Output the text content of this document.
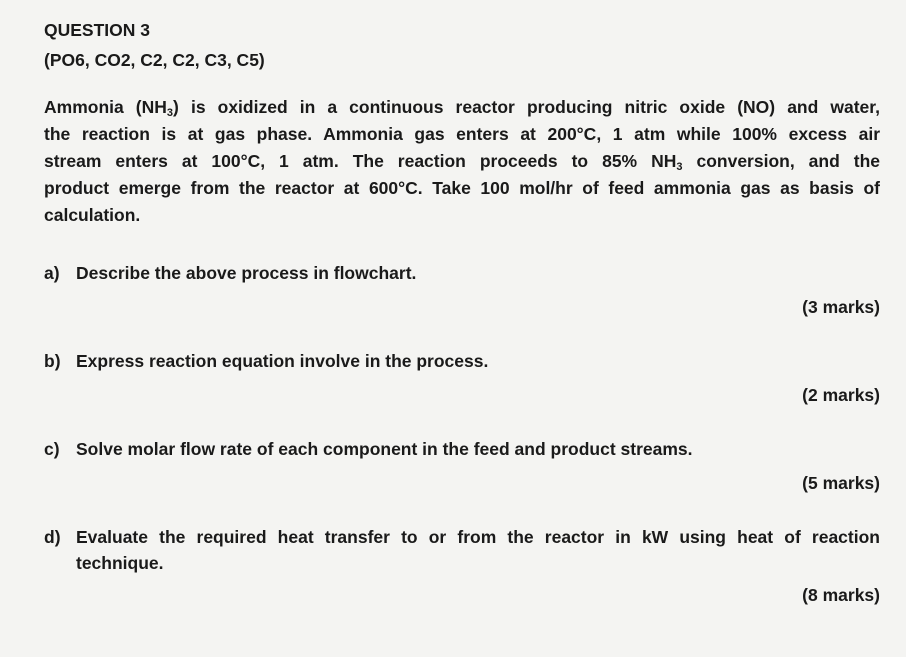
QUESTION 3
(PO6, CO2, C2, C2, C3, C5)
Ammonia $(NH_3)$ is oxidized in a continuous reactor producing nitric oxide (NO) and water,
the reaction is at gas phase. Ammonia gas enters at 200°C, 1 atm while 100% excess air
stream enters at 100°C, 1 atm. The reaction proceeds to 85% $NH_3$ conversion, and the
product emerge from the reactor at 600°C. Take 100 mol/hr of feed ammonia gas as basis of
calculation.
a) Describe the above process in flowchart.
(3 marks)
b) Express reaction equation involve in the process.
(2 marks)
c) Solve molar flow rate of each component in the feed and product streams.
(5 marks)
d) Evaluate the required heat transfer to or from the reactor in kW using heat of reaction
technique.
(8 marks)
